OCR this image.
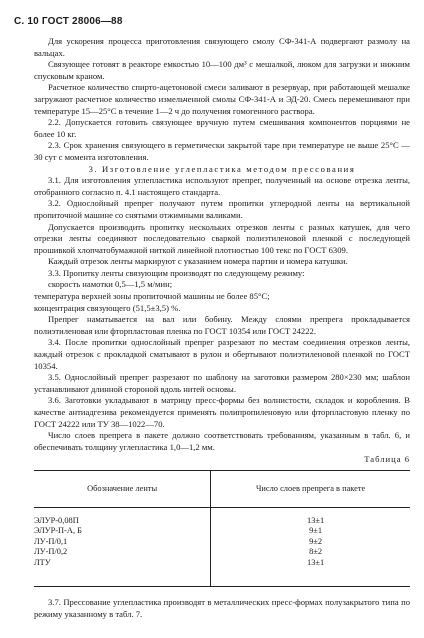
С. 10 ГОСТ 28006—88

Для ускорения процесса приготовления связующего смолу СФ-341-А подвергают размолу на вальцах.

Связующее готовят в реакторе емкостью 10—100 дм³ с мешалкой, люком для загрузки и нижним спусковым краном.

Расчетное количество спирто-ацетоновой смеси заливают в резервуар, при работающей мешалке загружают расчетное количество измельченной смолы СФ-341-А и ЭД-20. Смесь перемешивают при температуре 15—25°С в течение 1—2 ч до получения гомогенного раствора.

2.2. Допускается готовить связующее вручную путем смешивания компонентов порциями не более 10 кг.

2.3. Срок хранения связующего в герметически закрытой таре при температуре не выше 25°С — 30 сут с момента изготовления.

3. Изготовление углепластика методом прессования

3.1. Для изготовления углепластика используют препрег, полученный на основе отрезка ленты, отобранного согласно п. 4.1 настоящего стандарта.

3.2. Однослойный препрег получают путем пропитки углеродной ленты на вертикальной пропиточной машине со снятыми отжимными валиками.

Допускается производить пропитку нескольких отрезков ленты с разных катушек, для чего отрезки ленты соединяют последовательно сваркой полиэтиленовой пленкой с последующей прошивкой хлопчатобумажной ниткой линейной плотностью 100 текс по ГОСТ 6309.

Каждый отрезок ленты маркируют с указанием номера партии и номера катушки.

3.3. Пропитку ленты связующим производят по следующему режиму:

скорость намотки 0,5—1,5 м/мин;

температура верхней зоны пропиточной машины не более 85°С;

концентрация связующего (51,5±3,5) %.

Препрег наматывается на вал или бобину. Между слоями препрега прокладывается полиэтиленовая или фторпластовая пленка по ГОСТ 10354 или ГОСТ 24222.

3.4. После пропитки однослойный препрег разрезают по местам соединения отрезков ленты, каждый отрезок с прокладкой сматывают в рулон и обертывают полиэтиленовой пленкой по ГОСТ 10354.

3.5. Однослойный препрег разрезают по шаблону на заготовки размером 280×230 мм; шаблон устанавливают длинной стороной вдоль нитей основы.

3.6. Заготовки укладывают в матрицу пресс-формы без волнистости, складок и коробления. В качестве антиадгезива рекомендуется применять полипропиленовую или фторпластовую пленку по ГОСТ 24222 или ТУ 38—1022—70.

Число слоев препрега в пакете должно соответствовать требованиям, указанным в табл. 6, и обеспечивать толщину углепластика 1,0—1,2 мм.

Таблица 6

Обозначение ленты	Число слоев препрега в пакете
ЭЛУР-0,08П	13±1
ЭЛУР-П-А, Б	9±1
ЛУ-П/0,1	9±2
ЛУ-П/0,2	8±2
ЛТУ	13±1

3.7. Прессование углепластика производят в металлических пресс-формах полузакрытого типа по режиму указанному в табл. 7.
